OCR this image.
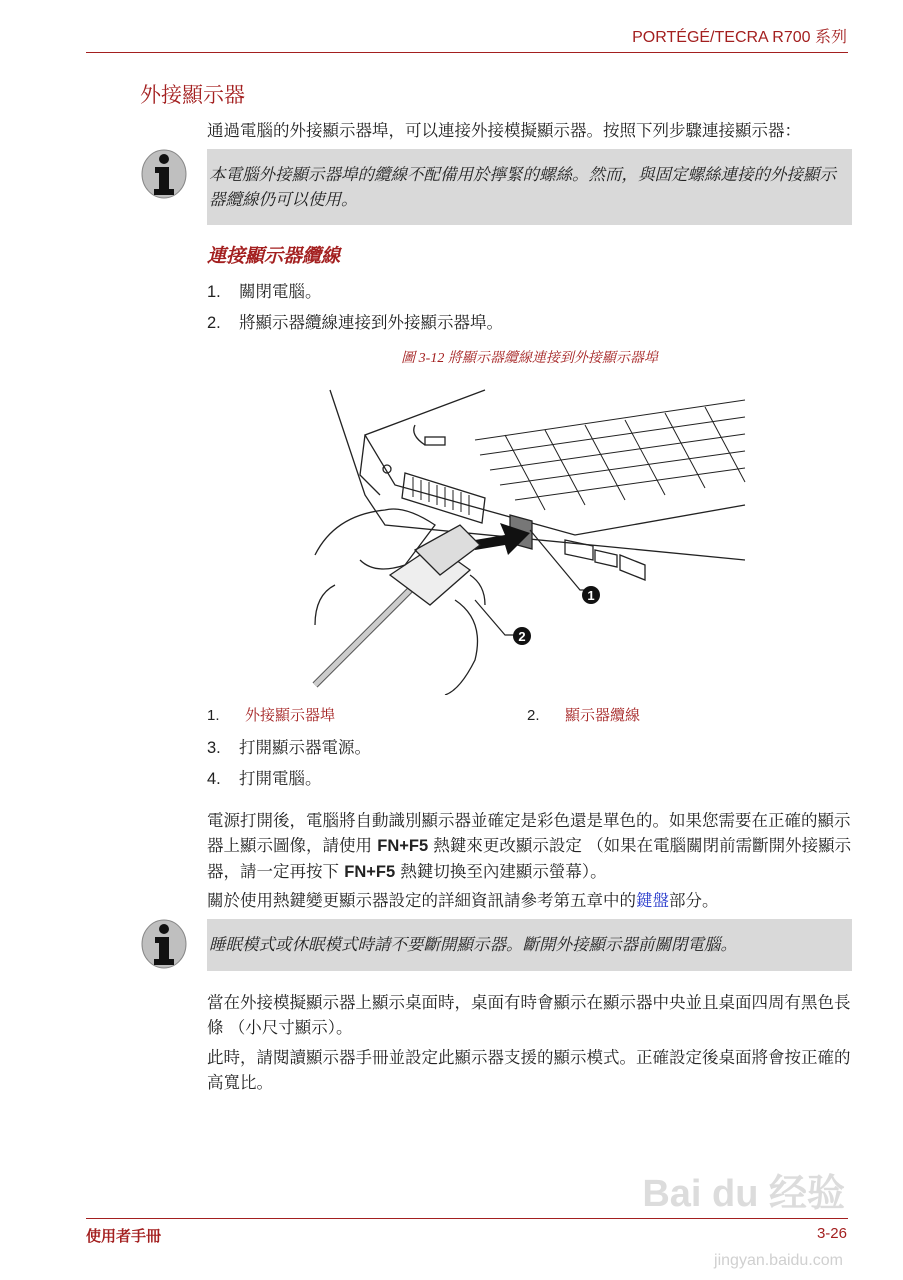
PORTÉGÉ/TECRA R700 系列
Bai du 经验
外接顯示器
通過電腦的外接顯示器埠，可以連接外接模擬顯示器。按照下列步驟連接顯示器：
本電腦外接顯示器埠的纜線不配備用於擰緊的螺絲。然而，與固定螺絲連接的外接顯示器纜線仍可以使用。
連接顯示器纜線
1. 關閉電腦。
2. 將顯示器纜線連接到外接顯示器埠。
圖 3-12 將顯示器纜線連接到外接顯示器埠
1
2
1. 外接顯示器埠	2. 顯示器纜線
3. 打開顯示器電源。
4. 打開電腦。
電源打開後，電腦將自動識別顯示器並確定是彩色還是單色的。如果您需要在正確的顯示器上顯示圖像，請使用 FN+F5 熱鍵來更改顯示設定 （如果在電腦關閉前需斷開外接顯示器，請一定再按下 FN+F5 熱鍵切換至內建顯示螢幕）。
關於使用熱鍵變更顯示器設定的詳細資訊請參考第五章中的鍵盤部分。
睡眠模式或休眠模式時請不要斷開顯示器。斷開外接顯示器前關閉電腦。
當在外接模擬顯示器上顯示桌面時，桌面有時會顯示在顯示器中央並且桌面四周有黑色長條 （小尺寸顯示）。
此時，請閱讀顯示器手冊並設定此顯示器支援的顯示模式。正確設定後桌面將會按正確的高寬比。
使用者手冊	3-26
jingyan.baidu.com
